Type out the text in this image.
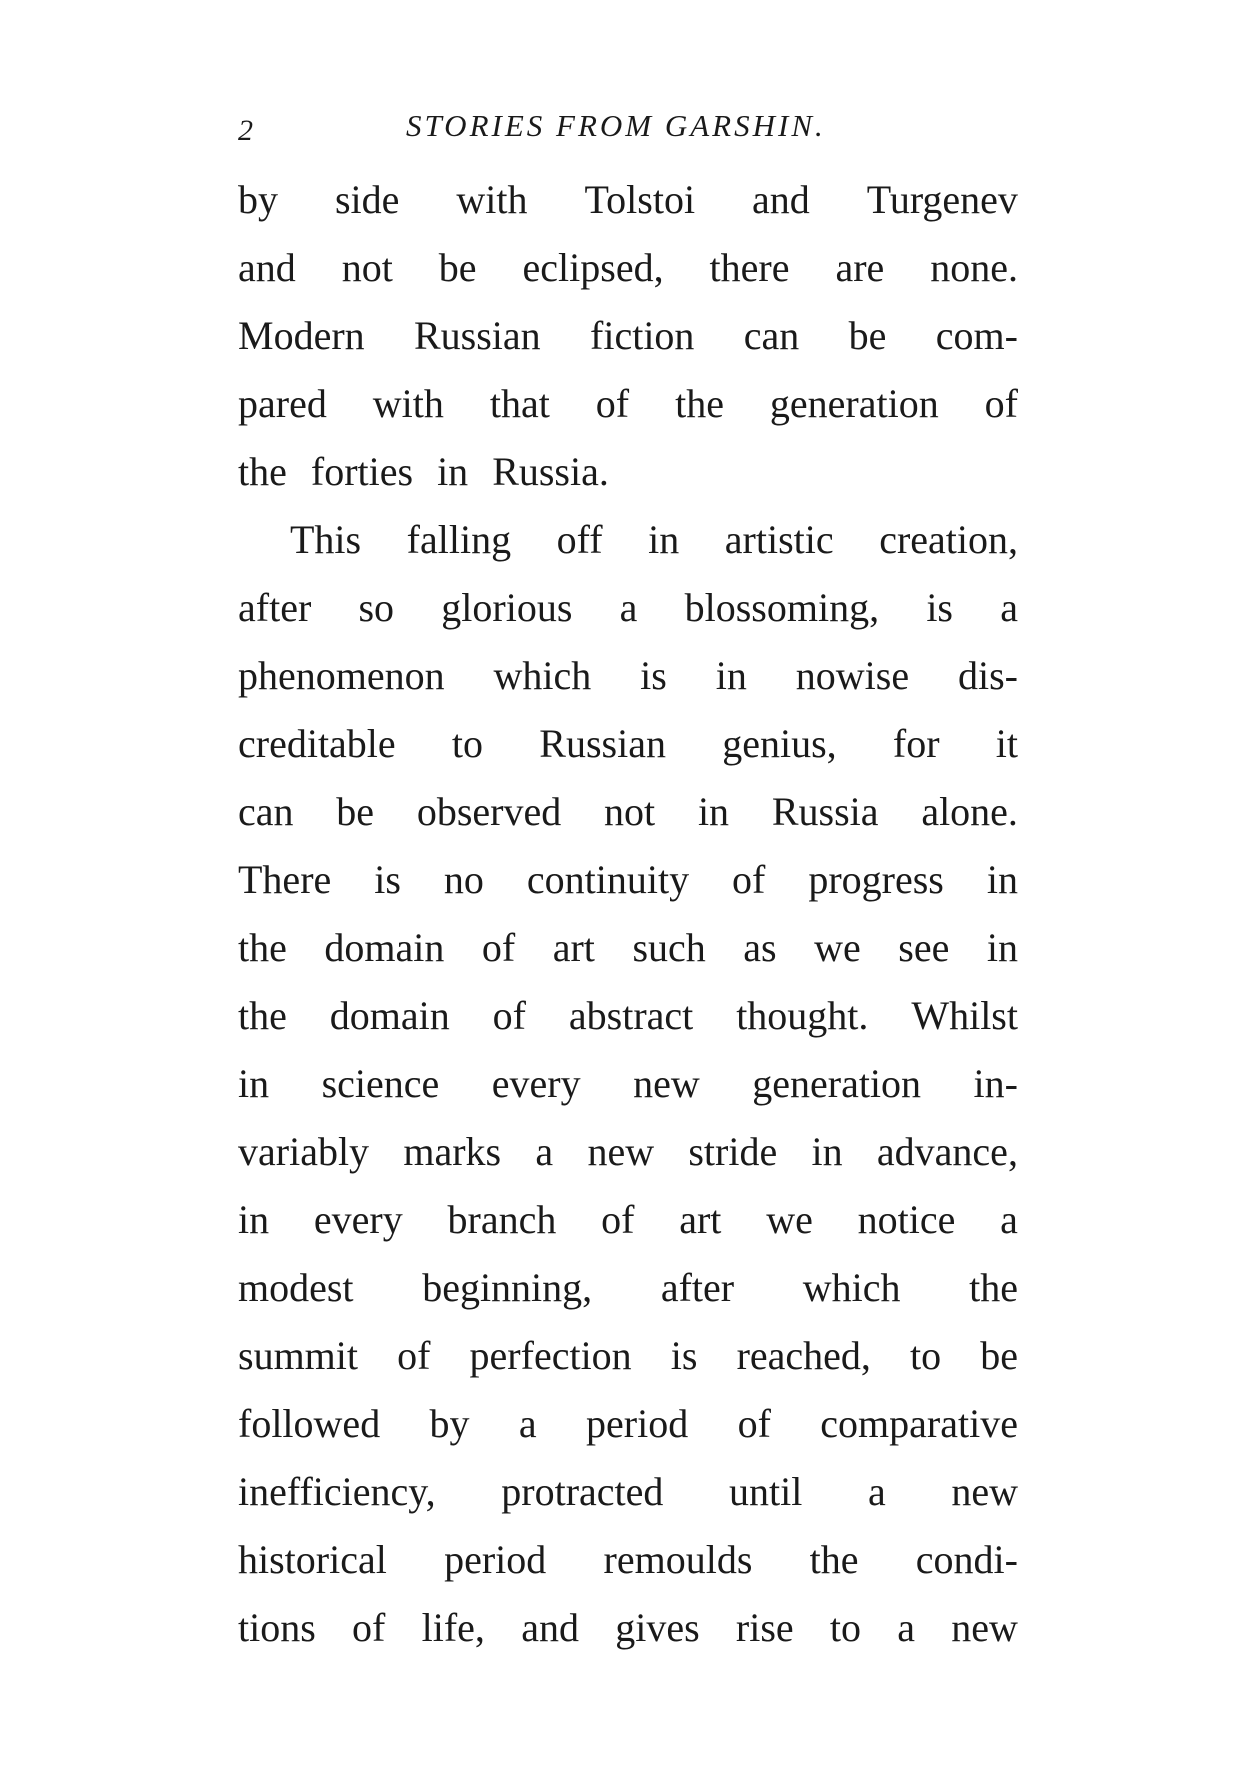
2	STORIES FROM GARSHIN.
by side with Tolstoi and Turgenev
and not be eclipsed, there are none.
Modern Russian fiction can be com-
pared with that of the generation of
the forties in Russia.
This falling off in artistic creation,
after so glorious a blossoming, is a
phenomenon which is in nowise dis-
creditable to Russian genius, for it
can be observed not in Russia alone.
There is no continuity of progress in
the domain of art such as we see in
the domain of abstract thought. Whilst
in science every new generation in-
variably marks a new stride in advance,
in every branch of art we notice a
modest beginning, after which the
summit of perfection is reached, to be
followed by a period of comparative
inefficiency, protracted until a new
historical period remoulds the condi-
tions of life, and gives rise to a new
